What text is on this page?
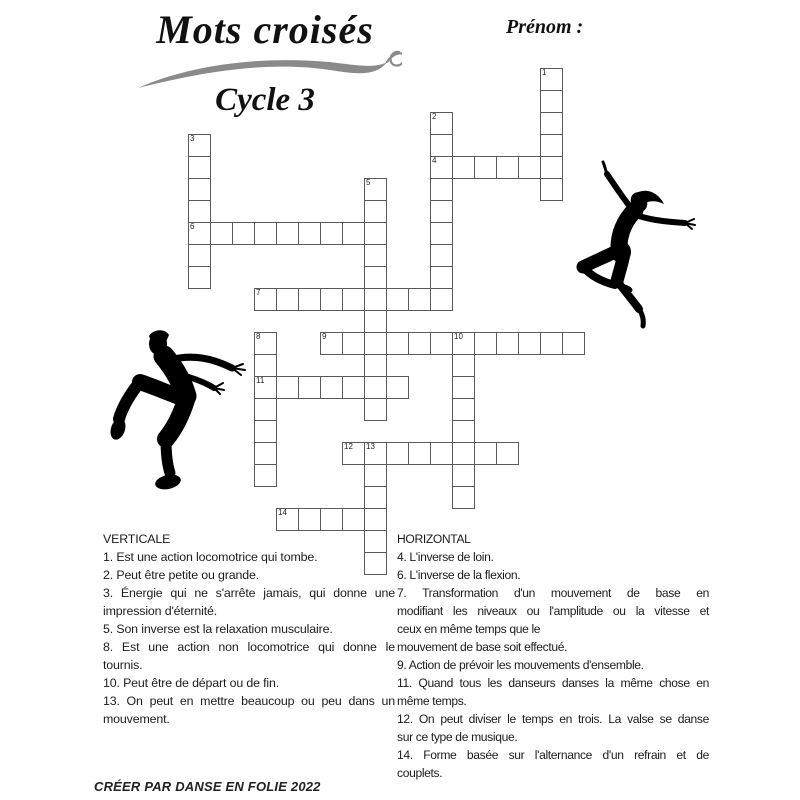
Mots croisés
Cycle 3
Prénom :
1
2
3
4
5
6
7
8	9	10
11
12 13
14
VERTICALE
1. Est une action locomotrice qui tombe.
2. Peut être petite ou grande.
3. Énergie qui ne s'arrête jamais, qui donne une
impression d'éternité.
5. Son inverse est la relaxation musculaire.
8. Est une action non locomotrice qui donne le
tournis.
10. Peut être de départ ou de fin.
13. On peut en mettre beaucoup ou peu dans un
mouvement.
HORIZONTAL
4. L'inverse de loin.
6. L'inverse de la flexion.
7. Transformation d'un mouvement de base en
modifiant les niveaux ou l'amplitude ou la vitesse et
ceux en même temps que le
mouvement de base soit effectué.
9. Action de prévoir les mouvements d'ensemble.
11. Quand tous les danseurs danses la même chose en
même temps.
12. On peut diviser le temps en trois. La valse se danse
sur ce type de musique.
14. Forme basée sur l'alternance d'un refrain et de
couplets.
CRÉER PAR DANSE EN FOLIE 2022
